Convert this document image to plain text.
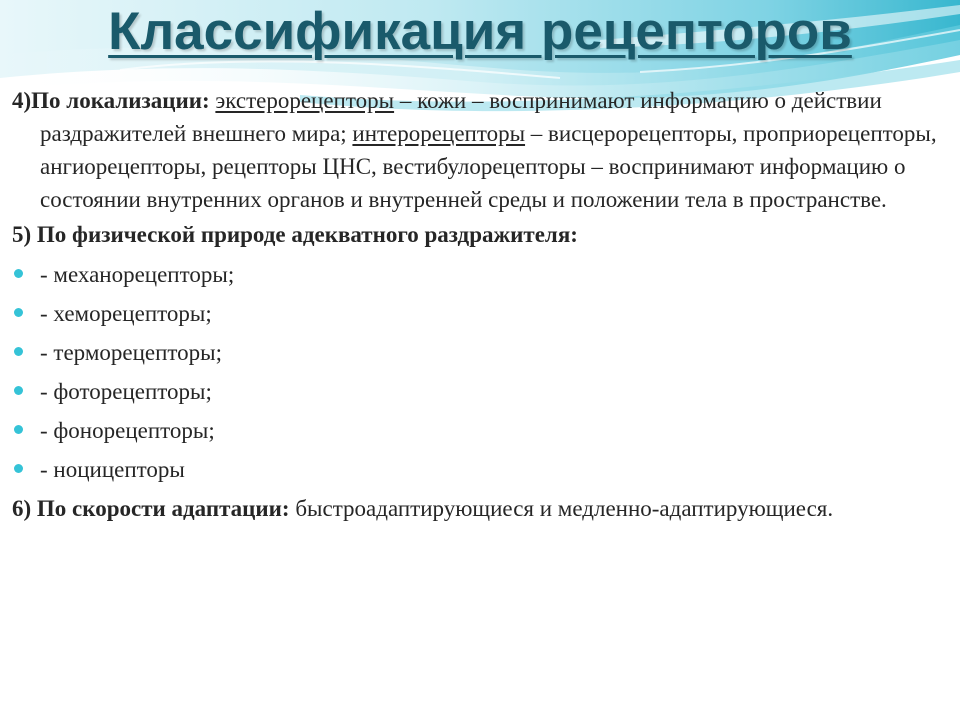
Классификация рецепторов

4)По локализации: экстерорецепторы – кожи – воспринимают информацию о действии раздражителей внешнего мира; интерорецепторы – висцерорецепторы, проприорецепторы, ангиорецепторы, рецепторы ЦНС, вестибулорецепторы – воспринимают информацию о состоянии внутренних органов и внутренней среды и положении тела в пространстве.

5) По физической природе адекватного раздражителя:

- механорецепторы;
- хеморецепторы;
- терморецепторы;
- фоторецепторы;
- фонорецепторы;
- ноцицепторы

6) По скорости адаптации: быстроадаптирующиеся и медленно-адаптирующиеся.
